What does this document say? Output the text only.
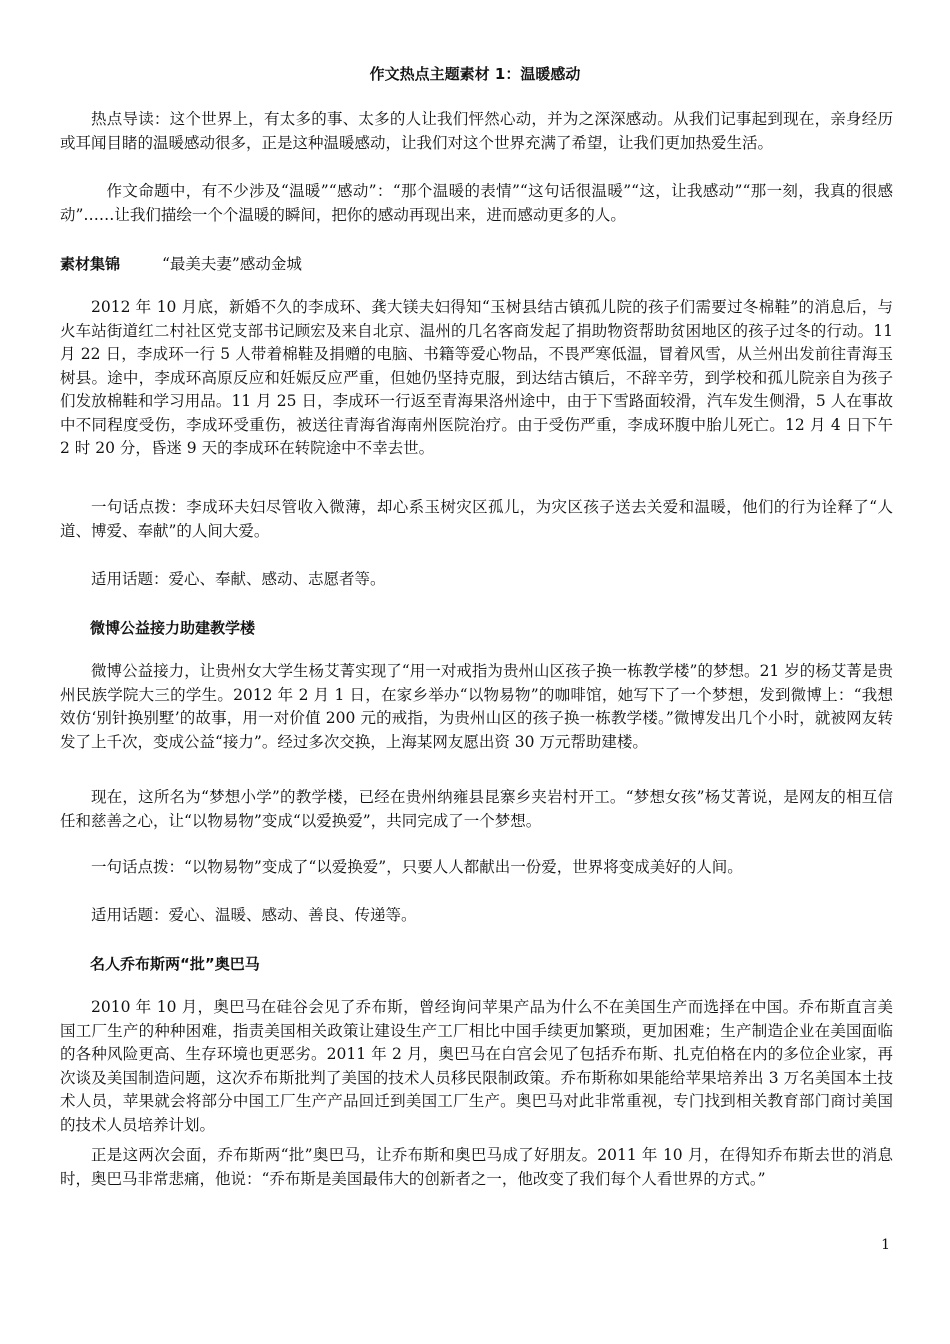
作文热点主题素材 1：温暖感动

热点导读：这个世界上，有太多的事、太多的人让我们怦然心动，并为之深深感动。从我们记事起到现在，亲身经历或耳闻目睹的温暖感动很多，正是这种温暖感动，让我们对这个世界充满了希望，让我们更加热爱生活。

作文命题中，有不少涉及“温暖”“感动”：“那个温暖的表情”“这句话很温暖”“这，让我感动”“那一刻，我真的很感动”……让我们描绘一个个温暖的瞬间，把你的感动再现出来，进而感动更多的人。

素材集锦	“最美夫妻”感动金城

2012 年 10 月底，新婚不久的李成环、龚大镁夫妇得知“玉树县结古镇孤儿院的孩子们需要过冬棉鞋”的消息后，与火车站街道红二村社区党支部书记顾宏及来自北京、温州的几名客商发起了捐助物资帮助贫困地区的孩子过冬的行动。11 月 22 日，李成环一行 5 人带着棉鞋及捐赠的电脑、书籍等爱心物品，不畏严寒低温，冒着风雪，从兰州出发前往青海玉树县。途中，李成环高原反应和妊娠反应严重，但她仍坚持克服，到达结古镇后，不辞辛劳，到学校和孤儿院亲自为孩子们发放棉鞋和学习用品。11 月 25 日，李成环一行返至青海果洛州途中，由于下雪路面较滑，汽车发生侧滑，5 人在事故中不同程度受伤，李成环受重伤，被送往青海省海南州医院治疗。由于受伤严重，李成环腹中胎儿死亡。12 月 4 日下午 2 时 20 分，昏迷 9 天的李成环在转院途中不幸去世。

一句话点拨：李成环夫妇尽管收入微薄，却心系玉树灾区孤儿，为灾区孩子送去关爱和温暖，他们的行为诠释了“人道、博爱、奉献”的人间大爱。

适用话题：爱心、奉献、感动、志愿者等。

微博公益接力助建教学楼

微博公益接力，让贵州女大学生杨艾菁实现了“用一对戒指为贵州山区孩子换一栋教学楼”的梦想。21 岁的杨艾菁是贵州民族学院大三的学生。2012 年 2 月 1 日，在家乡举办“以物易物”的咖啡馆，她写下了一个梦想，发到微博上：“我想效仿‘别针换别墅’的故事，用一对价值 200 元的戒指，为贵州山区的孩子换一栋教学楼。”微博发出几个小时，就被网友转发了上千次，变成公益“接力”。经过多次交换，上海某网友愿出资 30 万元帮助建楼。

现在，这所名为“梦想小学”的教学楼，已经在贵州纳雍县昆寨乡夹岩村开工。“梦想女孩”杨艾菁说，是网友的相互信任和慈善之心，让“以物易物”变成“以爱换爱”，共同完成了一个梦想。

一句话点拨：“以物易物”变成了“以爱换爱”，只要人人都献出一份爱，世界将变成美好的人间。

适用话题：爱心、温暖、感动、善良、传递等。

名人乔布斯两“批”奥巴马

2010 年 10 月，奥巴马在硅谷会见了乔布斯，曾经询问苹果产品为什么不在美国生产而选择在中国。乔布斯直言美国工厂生产的种种困难，指责美国相关政策让建设生产工厂相比中国手续更加繁琐，更加困难；生产制造企业在美国面临的各种风险更高、生存环境也更恶劣。2011 年 2 月，奥巴马在白宫会见了包括乔布斯、扎克伯格在内的多位企业家，再次谈及美国制造问题，这次乔布斯批判了美国的技术人员移民限制政策。乔布斯称如果能给苹果培养出 3 万名美国本土技术人员，苹果就会将部分中国工厂生产产品回迁到美国工厂生产。奥巴马对此非常重视，专门找到相关教育部门商讨美国的技术人员培养计划。

正是这两次会面，乔布斯两“批”奥巴马，让乔布斯和奥巴马成了好朋友。2011 年 10 月，在得知乔布斯去世的消息时，奥巴马非常悲痛，他说：“乔布斯是美国最伟大的创新者之一，他改变了我们每个人看世界的方式。”

1
